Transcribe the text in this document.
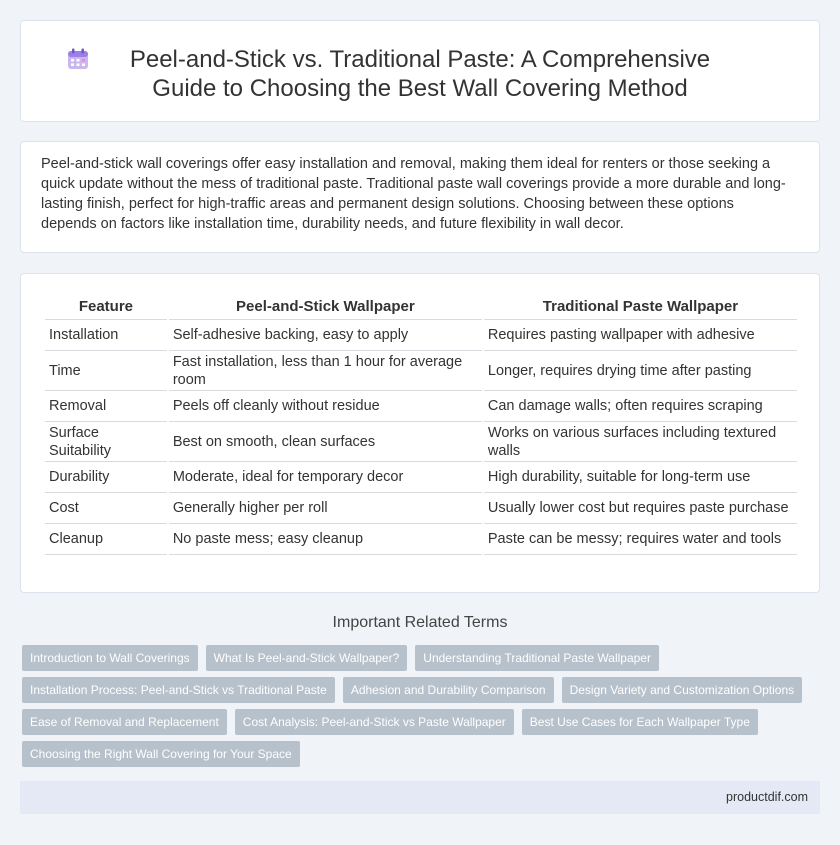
Peel-and-Stick vs. Traditional Paste: A Comprehensive Guide to Choosing the Best Wall Covering Method

Peel-and-stick wall coverings offer easy installation and removal, making them ideal for renters or those seeking a quick update without the mess of traditional paste. Traditional paste wall coverings provide a more durable and long-lasting finish, perfect for high-traffic areas and permanent design solutions. Choosing between these options depends on factors like installation time, durability needs, and future flexibility in wall decor.

Feature	Peel-and-Stick Wallpaper	Traditional Paste Wallpaper
Installation	Self-adhesive backing, easy to apply	Requires pasting wallpaper with adhesive
Time	Fast installation, less than 1 hour for average room	Longer, requires drying time after pasting
Removal	Peels off cleanly without residue	Can damage walls; often requires scraping
Surface Suitability	Best on smooth, clean surfaces	Works on various surfaces including textured walls
Durability	Moderate, ideal for temporary decor	High durability, suitable for long-term use
Cost	Generally higher per roll	Usually lower cost but requires paste purchase
Cleanup	No paste mess; easy cleanup	Paste can be messy; requires water and tools
Important Related Terms
Introduction to Wall Coverings What Is Peel-and-Stick Wallpaper? Understanding Traditional Paste Wallpaper
Installation Process: Peel-and-Stick vs Traditional Paste Adhesion and Durability Comparison Design Variety and Customization Options
Ease of Removal and Replacement Cost Analysis: Peel-and-Stick vs Paste Wallpaper Best Use Cases for Each Wallpaper Type
Choosing the Right Wall Covering for Your Space
productdif.com
